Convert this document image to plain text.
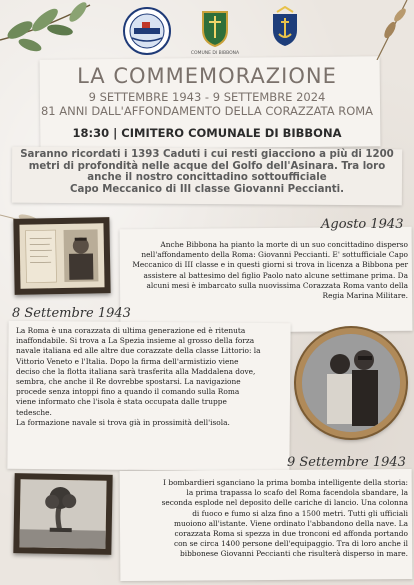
COMUNE DI BIBBONA
LA COMMEMORAZIONE
9 SETTEMBRE 1943 - 9 SETTEMBRE 2024
81 ANNI DALL'AFFONDAMENTO DELLA CORAZZATA ROMA
18:30 | CIMITERO COMUNALE DI BIBBONA
Saranno ricordati i 1393 Caduti i cui resti giacciono a più di 1200
metri di profondità nelle acque del Golfo dell'Asinara. Tra loro
anche il nostro concittadino sottoufficiale
Capo Meccanico di III classe Giovanni Peccianti.
Agosto 1943
Anche Bibbona ha pianto la morte di un suo concittadino disperso
nell'affondamento della Roma: Giovanni Peccianti. E' sottufficiale Capo
Meccanico di III classe e in questi giorni si trova in licenza a Bibbona per
assistere al battesimo del figlio Paolo nato alcune settimane prima. Da
alcuni mesi è imbarcato sulla nuovissima Corazzata Roma vanto della
Regia Marina Militare.
8 Settembre 1943
La Roma è una corazzata di ultima generazione ed è ritenuta
inaffondabile. Si trova a La Spezia insieme al grosso della forza
navale italiana ed alle altre due corazzate della classe Littorio: la
Vittorio Veneto e l'Italia. Dopo la firma dell'armistizio viene
deciso che la flotta italiana sarà trasferita alla Maddalena dove,
sembra, che anche il Re dovrebbe spostarsi. La navigazione
procede senza intoppi fino a quando il comando sulla Roma
viene informato che l'isola è stata occupata dalle truppe
tedesche.
La formazione navale si trova già in prossimità dell'isola.
9 Settembre 1943
I bombardieri sganciano la prima bomba intelligente della storia:
la prima trapassa lo scafo del Roma facendola sbandare, la
seconda esplode nel deposito delle cariche di lancio. Una colonna
di fuoco e fumo si alza fino a 1500 metri. Tutti gli ufficiali
muoiono all'istante. Viene ordinato l'abbandono della nave. La
corazzata Roma si spezza in due tronconi ed affonda portando
con se circa 1400 persone dell'equipaggio. Tra di loro anche il
bibbonese Giovanni Peccianti che risulterà disperso in mare.
